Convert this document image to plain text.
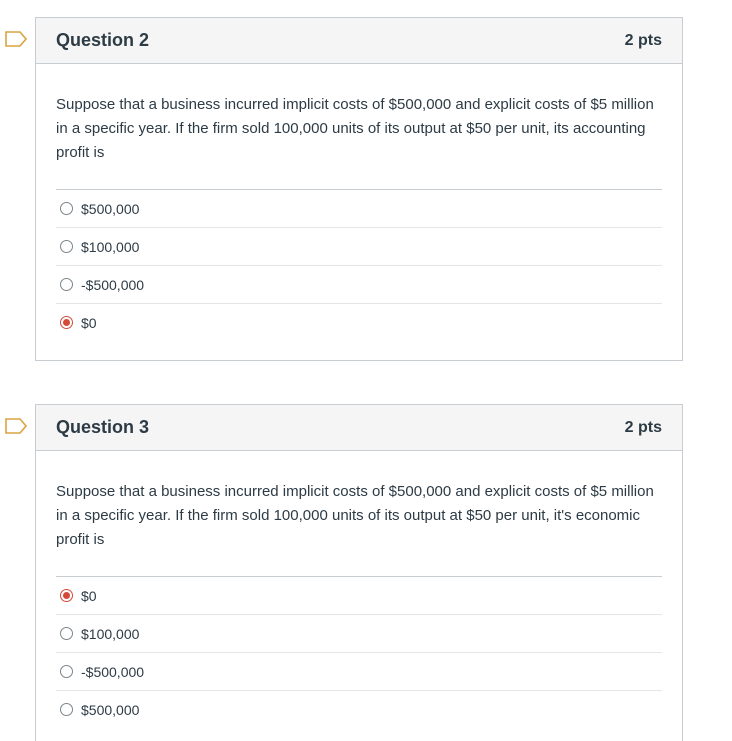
Question 2	2 pts

Suppose that a business incurred implicit costs of $500,000 and explicit costs of $5 million in a specific year. If the firm sold 100,000 units of its output at $50 per unit, its accounting profit is

$500,000
$100,000
-$500,000
$0
Question 3	2 pts

Suppose that a business incurred implicit costs of $500,000 and explicit costs of $5 million in a specific year. If the firm sold 100,000 units of its output at $50 per unit, it's economic profit is

$0
$100,000
-$500,000
$500,000
